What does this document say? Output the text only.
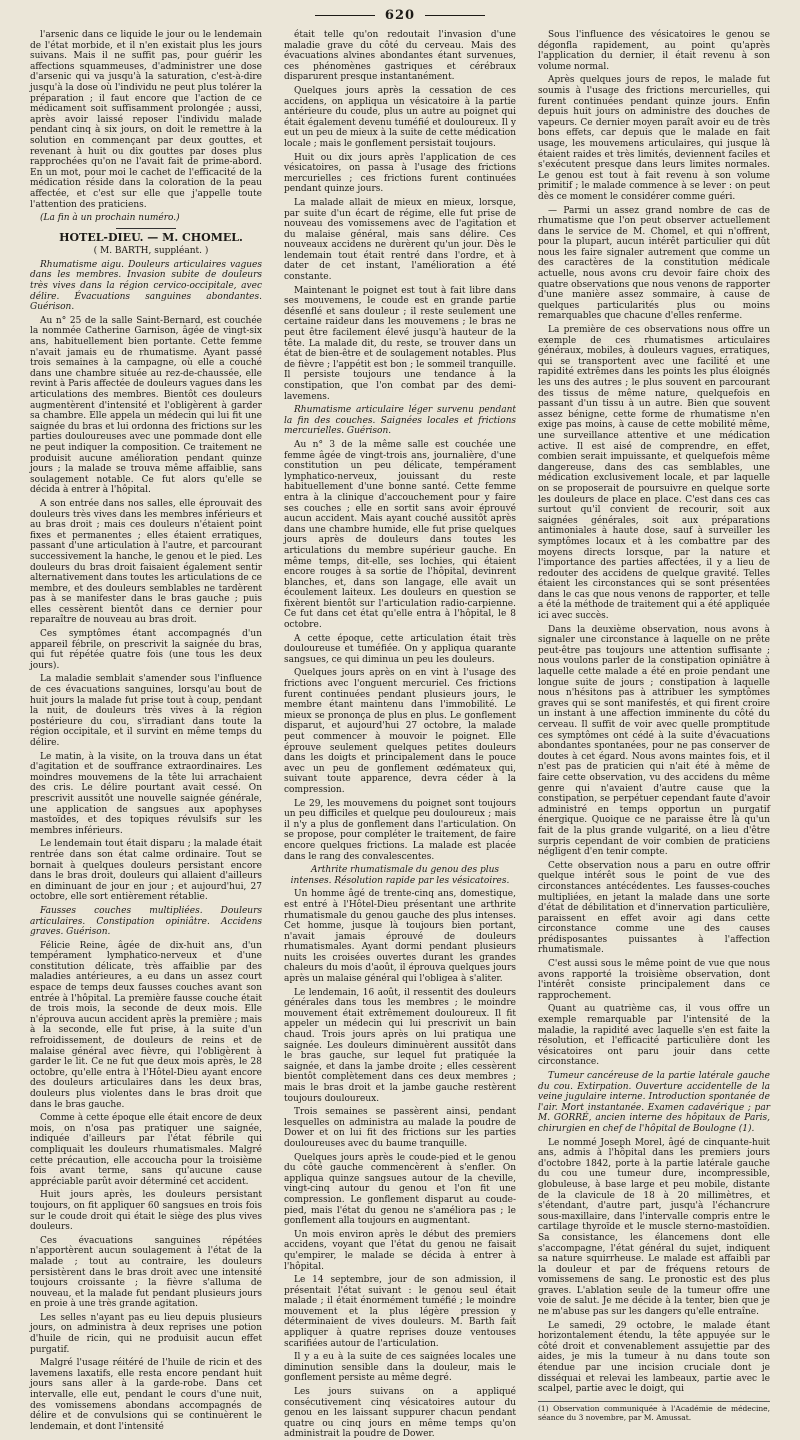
620

l'arsenic dans ce liquide le jour ou le lendemain de l'état morbide, et il n'en existait plus les jours suivans. Mais il ne suffit pas, pour guérir les affections squammeuses, d'administrer une dose d'arsenic qui va jusqu'à la saturation, c'est-à-dire jusqu'à la dose où l'individu ne peut plus tolérer la préparation ; il faut encore que l'action de ce médicament soit suffisamment prolongée ; aussi, après avoir laissé reposer l'individu malade pendant cinq à six jours, on doit le remettre à la solution en commençant par deux gouttes, et revenant à huit ou dix gouttes par doses plus rapprochées qu'on ne l'avait fait de prime-abord. En un mot, pour moi le cachet de l'efficacité de la médication réside dans la coloration de la peau affectée, et c'est sur elle que j'appelle toute l'attention des praticiens.

(La fin à un prochain numéro.)

HOTEL-DIEU. — M. CHOMEL.

( M. BARTH, suppléant. )

Rhumatisme aigu. Douleurs articulaires vagues dans les membres. Invasion subite de douleurs très vives dans la région cervico-occipitale, avec délire. Évacuations sanguines abondantes. Guérison.

Au n° 25 de la salle Saint-Bernard, est couchée la nommée Catherine Garnison, âgée de vingt-six ans, habituellement bien portante. Cette femme n'avait jamais eu de rhumatisme. Ayant passé trois semaines à la campagne, où elle a couché dans une chambre située au rez-de-chaussée, elle revint à Paris affectée de douleurs vagues dans les articulations des membres. Bientôt ces douleurs augmentèrent d'intensité et l'obligèrent à garder sa chambre. Elle appela un médecin qui lui fit une saignée du bras et lui ordonna des frictions sur les parties douloureuses avec une pommade dont elle ne peut indiquer la composition. Ce traitement ne produisit aucune amélioration pendant quinze jours ; la malade se trouva même affaiblie, sans soulagement notable. Ce fut alors qu'elle se décida à entrer à l'hôpital.

A son entrée dans nos salles, elle éprouvait des douleurs très vives dans les membres inférieurs et au bras droit ; mais ces douleurs n'étaient point fixes et permanentes ; elles étaient erratiques, passant d'une articulation à l'autre, et parcourant successivement la hanche, le genou et le pied. Les douleurs du bras droit faisaient également sentir alternativement dans toutes les articulations de ce membre, et des douleurs semblables ne tardèrent pas à se manifester dans le bras gauche ; puis elles cessèrent bientôt dans ce dernier pour reparaître de nouveau au bras droit.

Ces symptômes étant accompagnés d'un appareil fébrile, on prescrivit la saignée du bras, qui fut répétée quatre fois (une tous les deux jours).

La maladie semblait s'amender sous l'influence de ces évacuations sanguines, lorsqu'au bout de huit jours la malade fut prise tout à coup, pendant la nuit, de douleurs très vives à la région postérieure du cou, s'irradiant dans toute la région occipitale, et il survint en même temps du délire.

Le matin, à la visite, on la trouva dans un état d'agitation et de souffrance extraordinaires. Les moindres mouvemens de la tête lui arrachaient des cris. Le délire pourtant avait cessé. On prescrivit aussitôt une nouvelle saignée générale, une application de sangsues aux apophyses mastoïdes, et des topiques révulsifs sur les membres inférieurs.

Le lendemain tout était disparu ; la malade était rentrée dans son état calme ordinaire. Tout se bornait à quelques douleurs persistant encore dans le bras droit, douleurs qui allaient d'ailleurs en diminuant de jour en jour ; et aujourd'hui, 27 octobre, elle sort entièrement rétablie.

Fausses couches multipliées. Douleurs articulaires. Constipation opiniâtre. Accidens graves. Guérison.

Félicie Reine, âgée de dix-huit ans, d'un tempérament lymphatico-nerveux et d'une constitution délicate, très affaiblie par des maladies antérieures, a eu dans un assez court espace de temps deux fausses couches avant son entrée à l'hôpital. La première fausse couche était de trois mois, la seconde de deux mois. Elle n'éprouva aucun accident après la première ; mais à la seconde, elle fut prise, à la suite d'un refroidissement, de douleurs de reins et de malaise général avec fièvre, qui l'obligèrent à garder le lit. Ce ne fut que deux mois après, le 28 octobre, qu'elle entra à l'Hôtel-Dieu ayant encore des douleurs articulaires dans les deux bras, douleurs plus violentes dans le bras droit que dans le bras gauche.

Comme à cette époque elle était encore de deux mois, on n'osa pas pratiquer une saignée, indiquée d'ailleurs par l'état fébrile qui compliquait les douleurs rhumatismales. Malgré cette précaution, elle accoucha pour la troisième fois avant terme, sans qu'aucune cause appréciable parût avoir déterminé cet accident.

Huit jours après, les douleurs persistant toujours, on fit appliquer 60 sangsues en trois fois sur le coude droit qui était le siège des plus vives douleurs.

Ces évacuations sanguines répétées n'apportèrent aucun soulagement à l'état de la malade ; tout au contraire, les douleurs persistèrent dans le bras droit avec une intensité toujours croissante ; la fièvre s'alluma de nouveau, et la malade fut pendant plusieurs jours en proie à une très grande agitation.

Les selles n'ayant pas eu lieu depuis plusieurs jours, on administra à deux reprises une potion d'huile de ricin, qui ne produisit aucun effet purgatif.

Malgré l'usage réitéré de l'huile de ricin et des lavemens laxatifs, elle resta encore pendant huit jours sans aller à la garde-robe. Dans cet intervalle, elle eut, pendant le cours d'une nuit, des vomissemens abondans accompagnés de délire et de convulsions qui se continuèrent le lendemain, et dont l'intensité

était telle qu'on redoutait l'invasion d'une maladie grave du côté du cerveau. Mais des évacuations alvines abondantes étant survenues, ces phénomènes gastriques et cérébraux disparurent presque instantanément.

Quelques jours après la cessation de ces accidens, on appliqua un vésicatoire à la partie antérieure du coude, plus un autre au poignet qui était également devenu tuméfié et douloureux. Il y eut un peu de mieux à la suite de cette médication locale ; mais le gonflement persistait toujours.

Huit ou dix jours après l'application de ces vésicatoires, on passa à l'usage des frictions mercurielles ; ces frictions furent continuées pendant quinze jours.

La malade allait de mieux en mieux, lorsque, par suite d'un écart de régime, elle fut prise de nouveau des vomissemens avec de l'agitation et du malaise général, mais sans délire. Ces nouveaux accidens ne durèrent qu'un jour. Dès le lendemain tout était rentré dans l'ordre, et à dater de cet instant, l'amélioration a été constante.

Maintenant le poignet est tout à fait libre dans ses mouvemens, le coude est en grande partie désenflé et sans douleur ; il reste seulement une certaine raideur dans les mouvemens ; le bras ne peut être facilement élevé jusqu'à hauteur de la tête. La malade dit, du reste, se trouver dans un état de bien-être et de soulagement notables. Plus de fièvre ; l'appétit est bon ; le sommeil tranquille. Il persiste toujours une tendance à la constipation, que l'on combat par des demi-lavemens.

Rhumatisme articulaire léger survenu pendant la fin des couches. Saignées locales et frictions mercurielles. Guérison.

Au n° 3 de la même salle est couchée une femme âgée de vingt-trois ans, journalière, d'une constitution un peu délicate, tempérament lymphatico-nerveux, jouissant du reste habituellement d'une bonne santé. Cette femme entra à la clinique d'accouchement pour y faire ses couches ; elle en sortit sans avoir éprouvé aucun accident. Mais ayant couché aussitôt après dans une chambre humide, elle fut prise quelques jours après de douleurs dans toutes les articulations du membre supérieur gauche. En même temps, dit-elle, ses lochies, qui étaient encore rouges à sa sortie de l'hôpital, devinrent blanches, et, dans son langage, elle avait un écoulement laiteux. Les douleurs en question se fixèrent bientôt sur l'articulation radio-carpienne. Ce fut dans cet état qu'elle entra à l'hôpital, le 8 octobre.

A cette époque, cette articulation était très douloureuse et tuméfiée. On y appliqua quarante sangsues, ce qui diminua un peu les douleurs.

Quelques jours après on en vint à l'usage des frictions avec l'onguent mercuriel. Ces frictions furent continuées pendant plusieurs jours, le membre étant maintenu dans l'immobilité. Le mieux se prononça de plus en plus. Le gonflement disparut, et aujourd'hui 27 octobre, la malade peut commencer à mouvoir le poignet. Elle éprouve seulement quelques petites douleurs dans les doigts et principalement dans le pouce avec un peu de gonflement œdémateux qui, suivant toute apparence, devra céder à la compression.

Le 29, les mouvemens du poignet sont toujours un peu difficiles et quelque peu douloureux ; mais il n'y a plus de gonflement dans l'articulation. On se propose, pour compléter le traitement, de faire encore quelques frictions. La malade est placée dans le rang des convalescentes.

Arthrite rhumatismale du genou des plus intenses. Résolution rapide par les vésicatoires.

Un homme âgé de trente-cinq ans, domestique, est entré à l'Hôtel-Dieu présentant une arthrite rhumatismale du genou gauche des plus intenses. Cet homme, jusque là toujours bien portant, n'avait jamais éprouvé de douleurs rhumatismales. Ayant dormi pendant plusieurs nuits les croisées ouvertes durant les grandes chaleurs du mois d'août, il éprouva quelques jours après un malaise général qui l'obligea à s'aliter.

Le lendemain, 16 août, il ressentit des douleurs générales dans tous les membres ; le moindre mouvement était extrêmement douloureux. Il fit appeler un médecin qui lui prescrivit un bain chaud. Trois jours après on lui pratiqua une saignée. Les douleurs diminuèrent aussitôt dans le bras gauche, sur lequel fut pratiquée la saignée, et dans la jambe droite ; elles cessèrent bientôt complètement dans ces deux membres ; mais le bras droit et la jambe gauche restèrent toujours douloureux.

Trois semaines se passèrent ainsi, pendant lesquelles on administra au malade la poudre de Dower et on lui fit des frictions sur les parties douloureuses avec du baume tranquille.

Quelques jours après le coude-pied et le genou du côté gauche commencèrent à s'enfler. On appliqua quinze sangsues autour de la cheville, vingt-cinq autour du genou et l'on fit une compression. Le gonflement disparut au coude-pied, mais l'état du genou ne s'améliora pas ; le gonflement alla toujours en augmentant.

Un mois environ après le début des premiers accidens, voyant que l'état du genou ne faisait qu'empirer, le malade se décida à entrer à l'hôpital.

Le 14 septembre, jour de son admission, il présentait l'état suivant : le genou seul était malade ; il était énormément tuméfié ; le moindre mouvement et la plus légère pression y déterminaient de vives douleurs. M. Barth fait appliquer à quatre reprises douze ventouses scarifiées autour de l'articulation.

Il y a eu à la suite de ces saignées locales une diminution sensible dans la douleur, mais le gonflement persiste au même degré.

Les jours suivans on a appliqué consécutivement cinq vésicatoires autour du genou en les laissant suppurer chacun pendant quatre ou cinq jours en même temps qu'on administrait la poudre de Dower.

Sous l'influence des vésicatoires le genou se dégonfla rapidement, au point qu'après l'application du dernier, il était revenu à son volume normal.

Après quelques jours de repos, le malade fut soumis à l'usage des frictions mercurielles, qui furent continuées pendant quinze jours. Enfin depuis huit jours on administre des douches de vapeurs. Ce dernier moyen paraît avoir eu de très bons effets, car depuis que le malade en fait usage, les mouvemens articulaires, qui jusque là étaient raides et très limités, deviennent faciles et s'exécutent presque dans leurs limites normales. Le genou est tout à fait revenu à son volume primitif ; le malade commence à se lever : on peut dès ce moment le considérer comme guéri.

— Parmi un assez grand nombre de cas de rhumatisme que l'on peut observer actuellement dans le service de M. Chomel, et qui n'offrent, pour la plupart, aucun intérêt particulier qui dût nous les faire signaler autrement que comme un des caractères de la constitution médicale actuelle, nous avons cru devoir faire choix des quatre observations que nous venons de rapporter d'une manière assez sommaire, à cause de quelques particularités plus ou moins remarquables que chacune d'elles renferme.

La première de ces observations nous offre un exemple de ces rhumatismes articulaires généraux, mobiles, à douleurs vagues, erratiques, qui se transportent avec une facilité et une rapidité extrêmes dans les points les plus éloignés les uns des autres ; le plus souvent en parcourant des tissus de même nature, quelquefois en passant d'un tissu à un autre. Bien que souvent assez bénigne, cette forme de rhumatisme n'en exige pas moins, à cause de cette mobilité même, une surveillance attentive et une médication active. Il est aisé de comprendre, en effet, combien serait impuissante, et quelquefois même dangereuse, dans des cas semblables, une médication exclusivement locale, et par laquelle on se proposerait de poursuivre en quelque sorte les douleurs de place en place. C'est dans ces cas surtout qu'il convient de recourir, soit aux saignées générales, soit aux préparations antimoniales à haute dose, sauf à surveiller les symptômes locaux et à les combattre par des moyens directs lorsque, par la nature et l'importance des parties affectées, il y a lieu de redouter des accidens de quelque gravité. Telles étaient les circonstances qui se sont présentées dans le cas que nous venons de rapporter, et telle a été la méthode de traitement qui a été appliquée ici avec succès.

Dans la deuxième observation, nous avons à signaler une circonstance à laquelle on ne prête peut-être pas toujours une attention suffisante ; nous voulons parler de la constipation opiniâtre à laquelle cette malade a été en proie pendant une longue suite de jours ; constipation à laquelle nous n'hésitons pas à attribuer les symptômes graves qui se sont manifestés, et qui firent croire un instant à une affection imminente du côté du cerveau. Il suffit de voir avec quelle promptitude ces symptômes ont cédé à la suite d'évacuations abondantes spontanées, pour ne pas conserver de doutes à cet égard. Nous avons maintes fois, et il n'est pas de praticien qui n'ait été à même de faire cette observation, vu des accidens du même genre qui n'avaient d'autre cause que la constipation, se perpétuer cependant faute d'avoir administré en temps opportun un purgatif énergique. Quoique ce ne paraisse être là qu'un fait de la plus grande vulgarité, on a lieu d'être surpris cependant de voir combien de praticiens négligent d'en tenir compte.

Cette observation nous a paru en outre offrir quelque intérêt sous le point de vue des circonstances antécédentes. Les fausses-couches multipliées, en jetant la malade dans une sorte d'état de débilitation et d'innervation particulière, paraissent en effet avoir agi dans cette circonstance comme une des causes prédisposantes puissantes à l'affection rhumatismale.

C'est aussi sous le même point de vue que nous avons rapporté la troisième observation, dont l'intérêt consiste principalement dans ce rapprochement.

Quant au quatrième cas, il vous offre un exemple remarquable par l'intensité de la maladie, la rapidité avec laquelle s'en est faite la résolution, et l'efficacité particulière dont les vésicatoires ont paru jouir dans cette circonstance.

Tumeur cancéreuse de la partie latérale gauche du cou. Extirpation. Ouverture accidentelle de la veine jugulaire interne. Introduction spontanée de l'air. Mort instantanée. Examen cadavérique ; par M. GORRÉ, ancien interne des hôpitaux de Paris, chirurgien en chef de l'hôpital de Boulogne (1).

Le nommé Joseph Morel, âgé de cinquante-huit ans, admis à l'hôpital dans les premiers jours d'octobre 1842, porte à la partie latérale gauche du cou une tumeur dure, incompressible, globuleuse, à base large et peu mobile, distante de la clavicule de 18 à 20 millimètres, et s'étendant, d'autre part, jusqu'à l'échancrure sous-maxillaire, dans l'intervalle compris entre le cartilage thyroïde et le muscle sterno-mastoïdien. Sa consistance, les élancemens dont elle s'accompagne, l'état général du sujet, indiquent sa nature squirrheuse. Le malade est affaibli par la douleur et par de fréquens retours de vomissemens de sang. Le pronostic est des plus graves. L'ablation seule de la tumeur offre une voie de salut. Je me décide à la tenter, bien que je ne m'abuse pas sur les dangers qu'elle entraîne.

Le samedi, 29 octobre, le malade étant horizontalement étendu, la tête appuyée sur le côté droit et convenablement assujettie par des aides, je mis la tumeur à nu dans toute son étendue par une incision cruciale dont je disséquai et relevai les lambeaux, partie avec le scalpel, partie avec le doigt, qui

(1) Observation communiquée à l'Académie de médecine, séance du 3 novembre, par M. Amussat.
